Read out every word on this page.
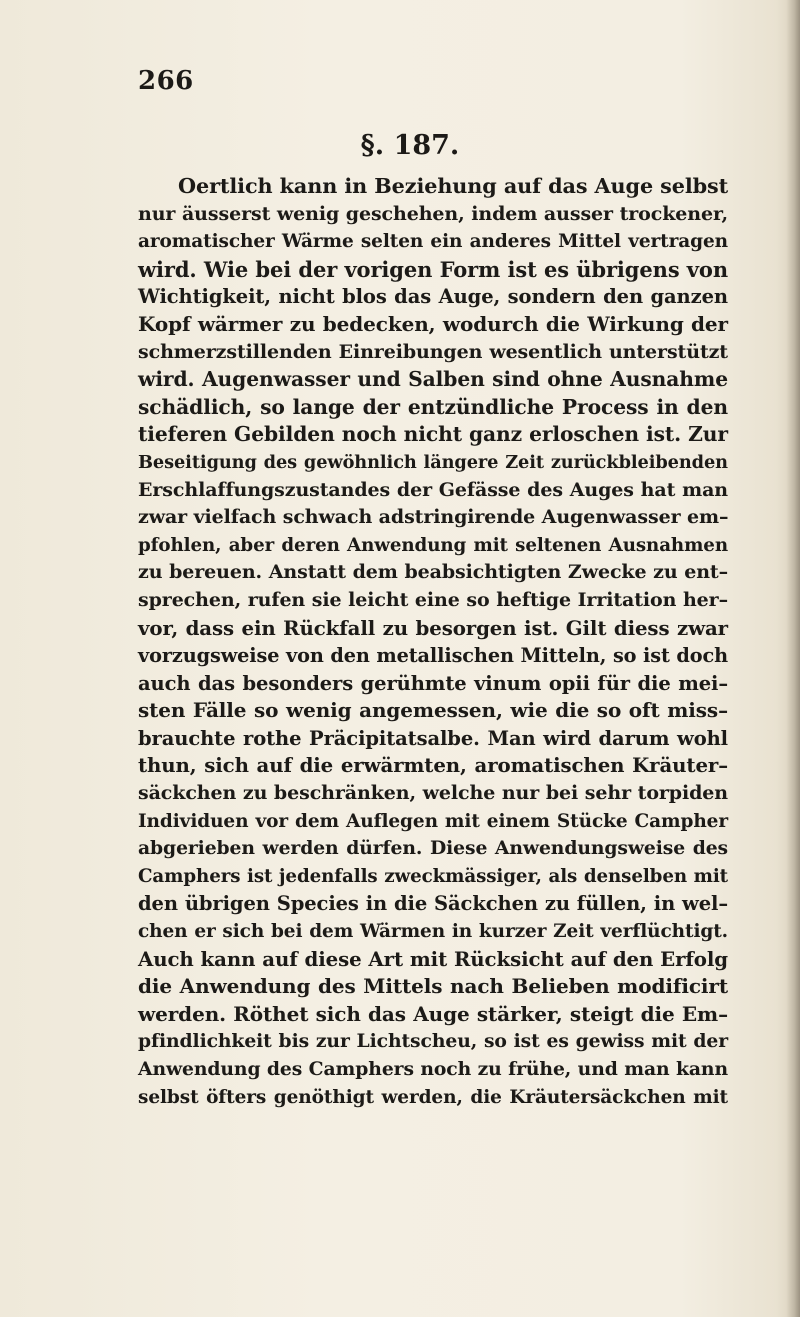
266
§. 187.
Oertlich kann in Beziehung auf das Auge selbst
nur äusserst wenig geschehen, indem ausser trockener,
aromatischer Wärme selten ein anderes Mittel vertragen
wird. Wie bei der vorigen Form ist es übrigens von
Wichtigkeit, nicht blos das Auge, sondern den ganzen
Kopf wärmer zu bedecken, wodurch die Wirkung der
schmerzstillenden Einreibungen wesentlich unterstützt
wird. Augenwasser und Salben sind ohne Ausnahme
schädlich, so lange der entzündliche Process in den
tieferen Gebilden noch nicht ganz erloschen ist. Zur
Beseitigung des gewöhnlich längere Zeit zurückbleibenden
Erschlaffungszustandes der Gefässe des Auges hat man
zwar vielfach schwach adstringirende Augenwasser em–
pfohlen, aber deren Anwendung mit seltenen Ausnahmen
zu bereuen. Anstatt dem beabsichtigten Zwecke zu ent–
sprechen, rufen sie leicht eine so heftige Irritation her–
vor, dass ein Rückfall zu besorgen ist. Gilt diess zwar
vorzugsweise von den metallischen Mitteln, so ist doch
auch das besonders gerühmte vinum opii für die mei–
sten Fälle so wenig angemessen, wie die so oft miss–
brauchte rothe Präcipitatsalbe. Man wird darum wohl
thun, sich auf die erwärmten, aromatischen Kräuter–
säckchen zu beschränken, welche nur bei sehr torpiden
Individuen vor dem Auflegen mit einem Stücke Campher
abgerieben werden dürfen. Diese Anwendungsweise des
Camphers ist jedenfalls zweckmässiger, als denselben mit
den übrigen Species in die Säckchen zu füllen, in wel–
chen er sich bei dem Wärmen in kurzer Zeit verflüchtigt.
Auch kann auf diese Art mit Rücksicht auf den Erfolg
die Anwendung des Mittels nach Belieben modificirt
werden. Röthet sich das Auge stärker, steigt die Em–
pfindlichkeit bis zur Lichtscheu, so ist es gewiss mit der
Anwendung des Camphers noch zu frühe, und man kann
selbst öfters genöthigt werden, die Kräutersäckchen mit
